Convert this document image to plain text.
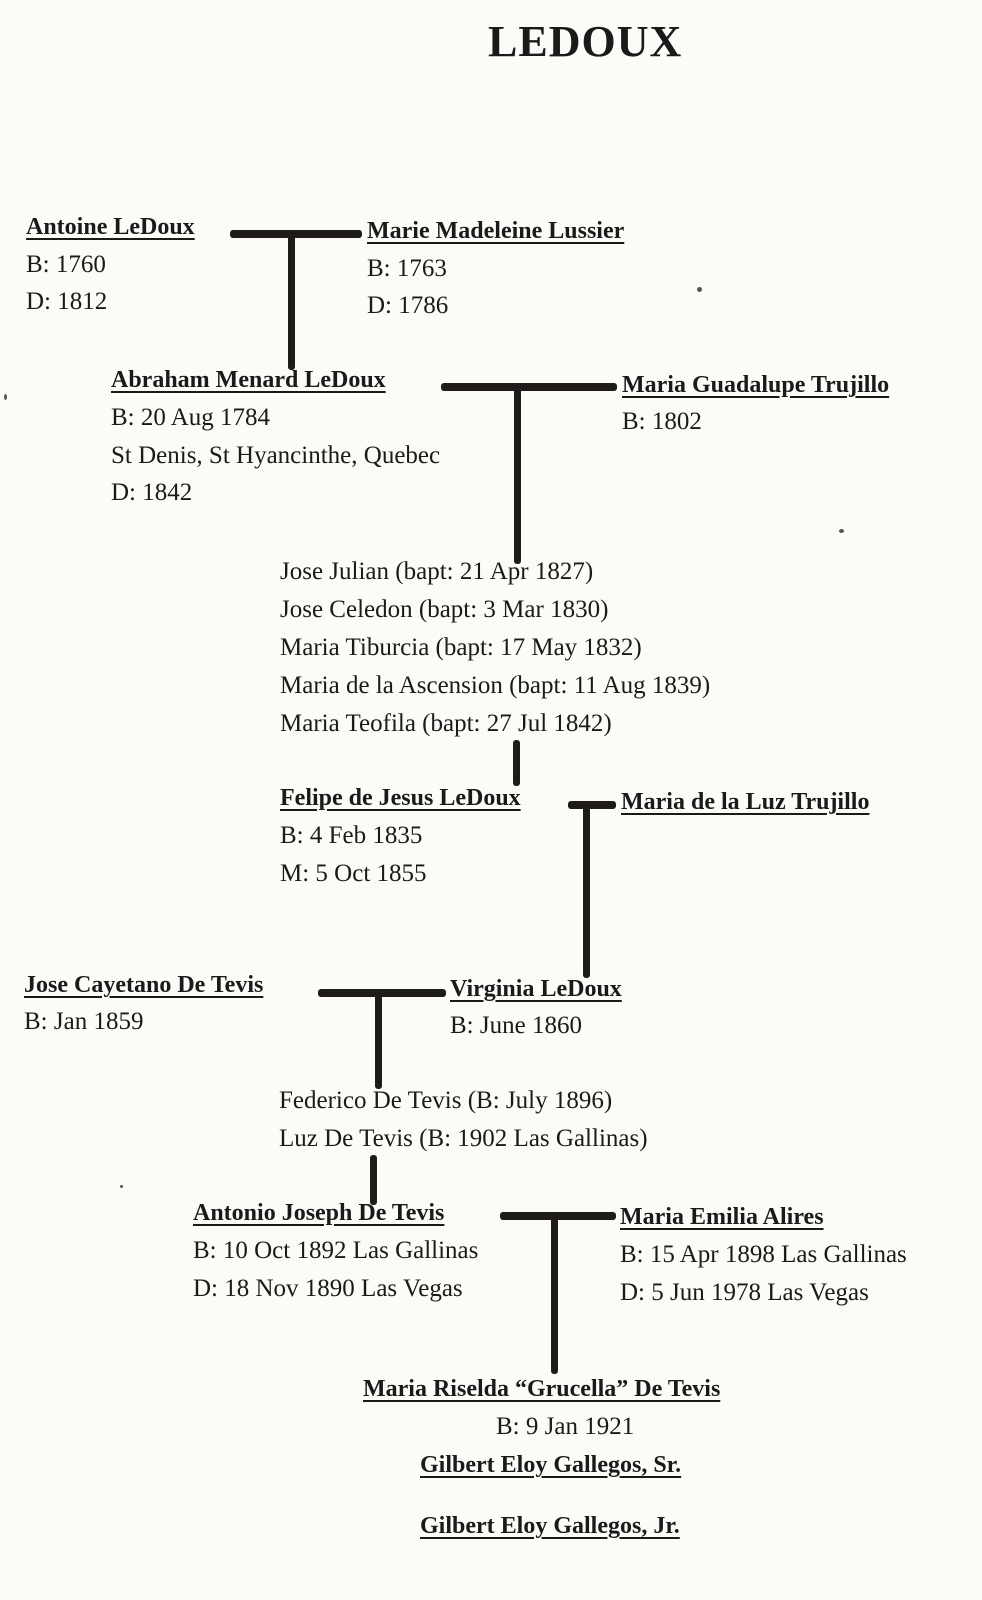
LEDOUX
Antoine LeDoux
B: 1760
D: 1812
Marie Madeleine Lussier
B: 1763
D: 1786
Abraham Menard LeDoux
B: 20 Aug 1784
St Denis, St Hyancinthe, Quebec
D: 1842
Maria Guadalupe Trujillo
B: 1802
Jose Julian (bapt: 21 Apr 1827)
Jose Celedon (bapt: 3 Mar 1830)
Maria Tiburcia (bapt: 17 May 1832)
Maria de la Ascension (bapt: 11 Aug 1839)
Maria Teofila (bapt: 27 Jul 1842)
Felipe de Jesus LeDoux
B: 4 Feb 1835
M: 5 Oct 1855
Maria de la Luz Trujillo
Jose Cayetano De Tevis
B: Jan 1859
Virginia LeDoux
B: June 1860
Federico De Tevis (B: July 1896)
Luz De Tevis (B: 1902 Las Gallinas)
Antonio Joseph De Tevis
B: 10 Oct 1892 Las Gallinas
D: 18 Nov 1890 Las Vegas
Maria Emilia Alires
B: 15 Apr 1898 Las Gallinas
D: 5 Jun 1978 Las Vegas
Maria Riselda “Grucella” De Tevis
B: 9 Jan 1921
Gilbert Eloy Gallegos, Sr.
Gilbert Eloy Gallegos, Jr.
